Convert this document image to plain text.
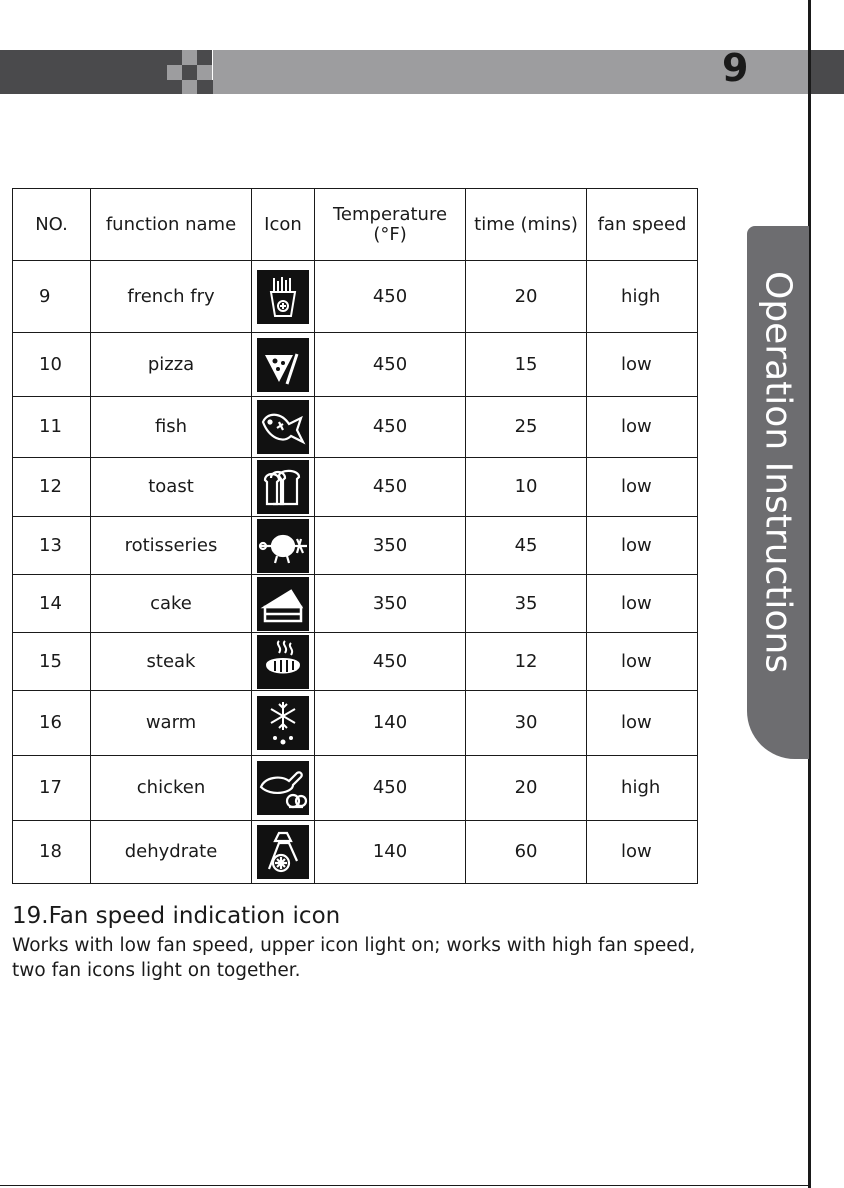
9
Operation Instructions
NO.	function name	Icon	Temperature (°F)	time (mins)	fan speed
9	french fry		450	20	high
10	pizza		450	15	low
11	fish		450	25	low
12	toast		450	10	low
13	rotisseries		350	45	low
14	cake		350	35	low
15	steak		450	12	low
16	warm		140	30	low
17	chicken		450	20	high
18	dehydrate		140	60	low
19.Fan speed indication icon
Works with low fan speed, upper icon light on; works with high fan speed, two fan icons light on together.
